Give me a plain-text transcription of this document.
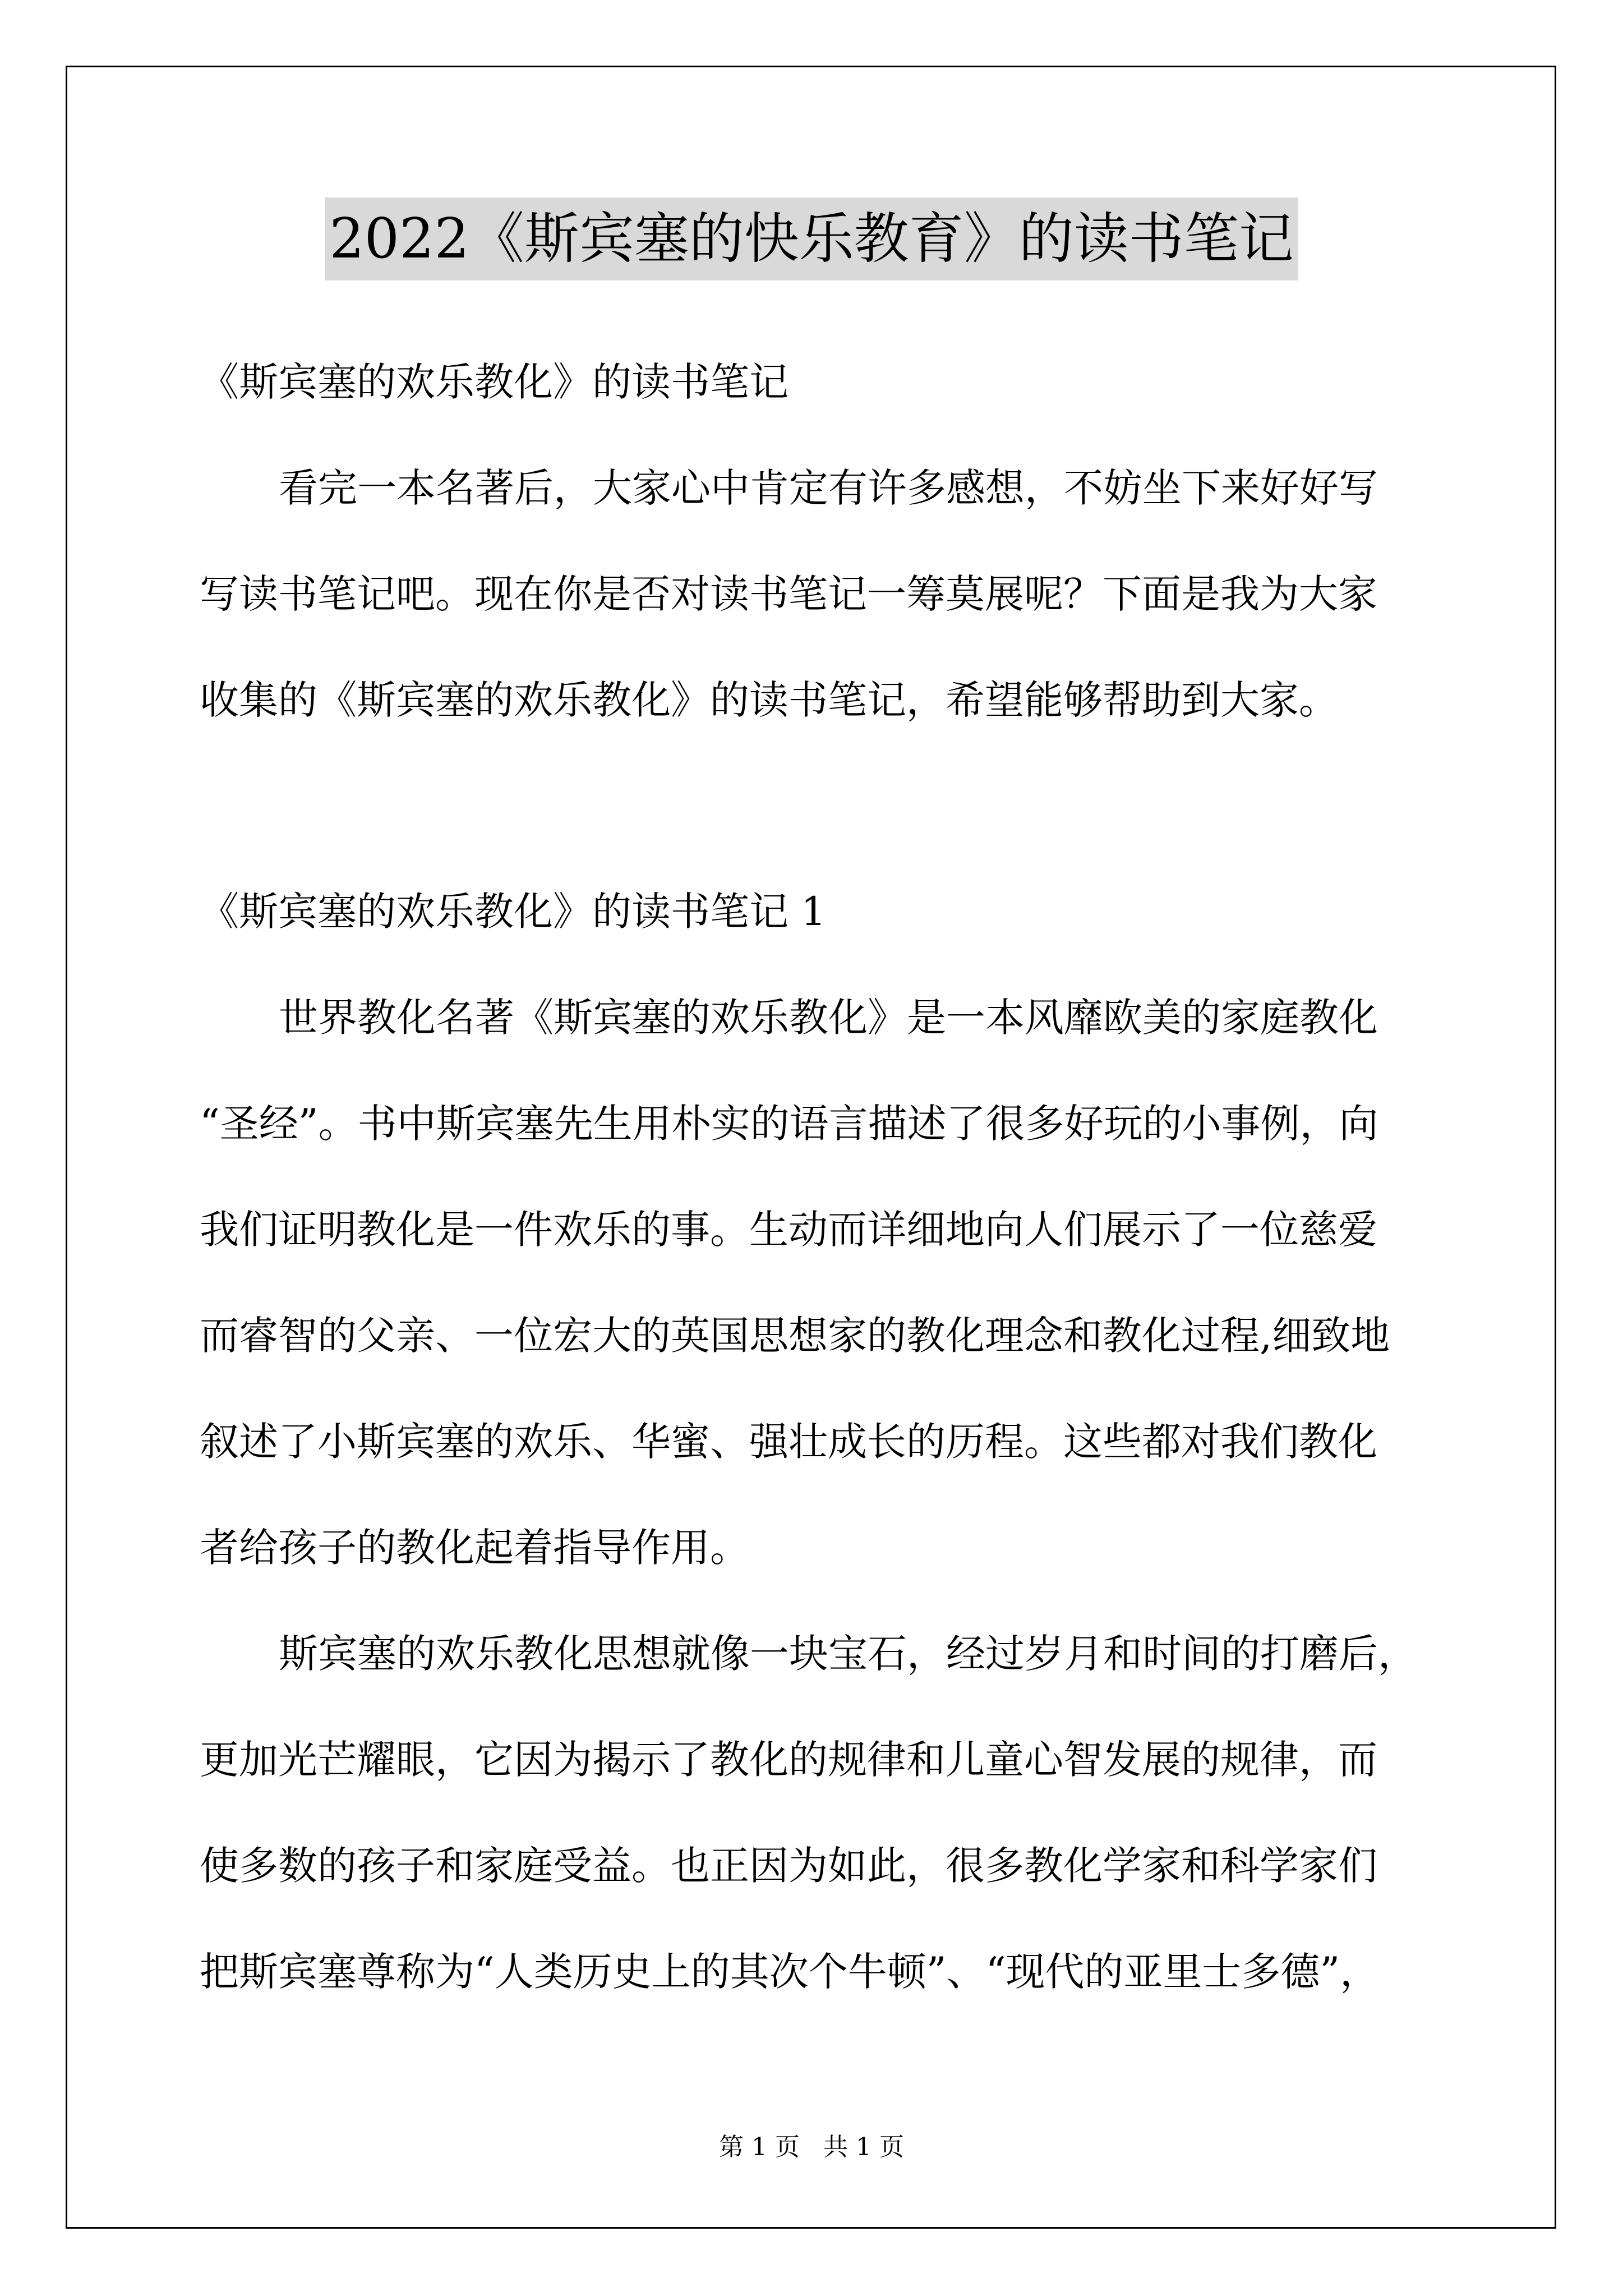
2022《斯宾塞的快乐教育》的读书笔记
《斯宾塞的欢乐教化》的读书笔记
看完一本名著后，大家心中肯定有许多感想，不妨坐下来好好写
写读书笔记吧。现在你是否对读书笔记一筹莫展呢？下面是我为大家
收集的《斯宾塞的欢乐教化》的读书笔记，希望能够帮助到大家。
《斯宾塞的欢乐教化》的读书笔记 1
世界教化名著《斯宾塞的欢乐教化》是一本风靡欧美的家庭教化
“圣经”。书中斯宾塞先生用朴实的语言描述了很多好玩的小事例，向
我们证明教化是一件欢乐的事。生动而详细地向人们展示了一位慈爱
而睿智的父亲、一位宏大的英国思想家的教化理念和教化过程,细致地
叙述了小斯宾塞的欢乐、华蜜、强壮成长的历程。这些都对我们教化
者给孩子的教化起着指导作用。
斯宾塞的欢乐教化思想就像一块宝石，经过岁月和时间的打磨后，
更加光芒耀眼，它因为揭示了教化的规律和儿童心智发展的规律，而
使多数的孩子和家庭受益。也正因为如此，很多教化学家和科学家们
把斯宾塞尊称为“人类历史上的其次个牛顿”、“现代的亚里士多德”，
第 1 页   共 1 页
